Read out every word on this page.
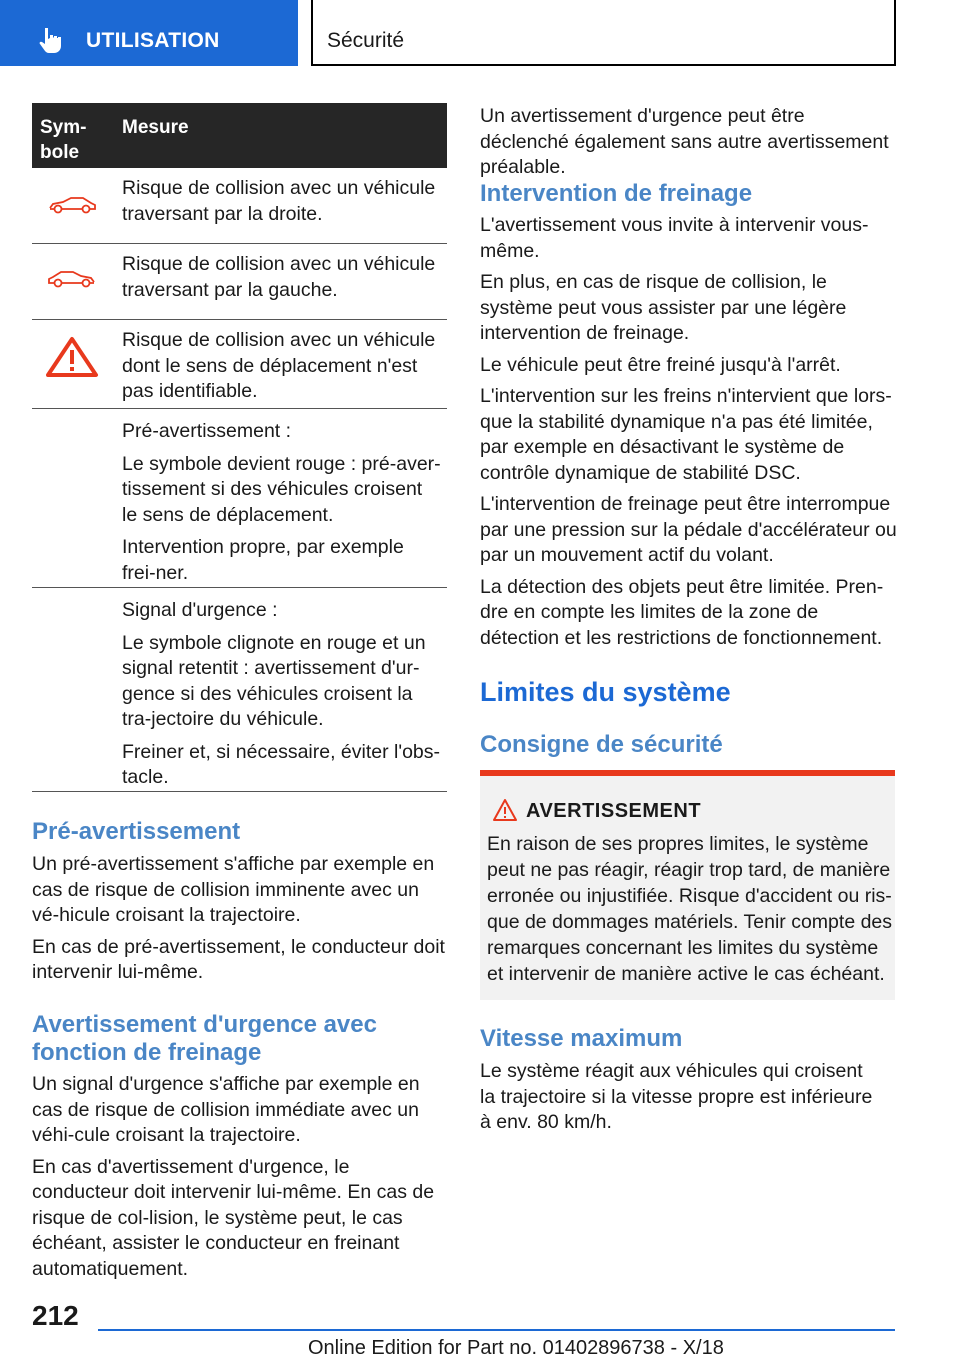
UTILISATION	Sécurité
Sym‐bole
Mesure

Risque de collision avec un véhicule traversant par la droite.

Risque de collision avec un véhicule traversant par la gauche.

Risque de collision avec un véhicule dont le sens de déplacement n'est pas identifiable.

Pré-avertissement :

Le symbole devient rouge : pré-aver‐tissement si des véhicules croisent le sens de déplacement.

Intervention propre, par exemple frei‐ner.

Signal d'urgence :

Le symbole clignote en rouge et un signal retentit : avertissement d'ur‐gence si des véhicules croisent la tra‐jectoire du véhicule.

Freiner et, si nécessaire, éviter l'obs‐tacle.

Pré-avertissement

Un pré-avertissement s'affiche par exemple en cas de risque de collision imminente avec un vé‐hicule croisant la trajectoire.

En cas de pré-avertissement, le conducteur doit intervenir lui-même.

Avertissement d'urgence avec fonction de freinage

Un signal d'urgence s'affiche par exemple en cas de risque de collision immédiate avec un véhi‐cule croisant la trajectoire.

En cas d'avertissement d'urgence, le conducteur doit intervenir lui-même. En cas de risque de col‐lision, le système peut, le cas échéant, assister le conducteur en freinant automatiquement.

Un avertissement d'urgence peut être déclenché également sans autre avertissement préalable.

Intervention de freinage

L'avertissement vous invite à intervenir vous-même.

En plus, en cas de risque de collision, le système peut vous assister par une légère intervention de freinage.

Le véhicule peut être freiné jusqu'à l'arrêt.

L'intervention sur les freins n'intervient que lors‐que la stabilité dynamique n'a pas été limitée, par exemple en désactivant le système de contrôle dynamique de stabilité DSC.

L'intervention de freinage peut être interrompue par une pression sur la pédale d'accélérateur ou par un mouvement actif du volant.

La détection des objets peut être limitée. Pren‐dre en compte les limites de la zone de détection et les restrictions de fonctionnement.

Limites du système
Consigne de sécurité
AVERTISSEMENT
En raison de ses propres limites, le système peut ne pas réagir, réagir trop tard, de manière erronée ou injustifiée. Risque d'accident ou ris‐que de dommages matériels. Tenir compte des remarques concernant les limites du système et intervenir de manière active le cas échéant.
Vitesse maximum

Le système réagit aux véhicules qui croisent la trajectoire si la vitesse propre est inférieure à env. 80 km/h.

212
Online Edition for Part no. 01402896738 - X/18
